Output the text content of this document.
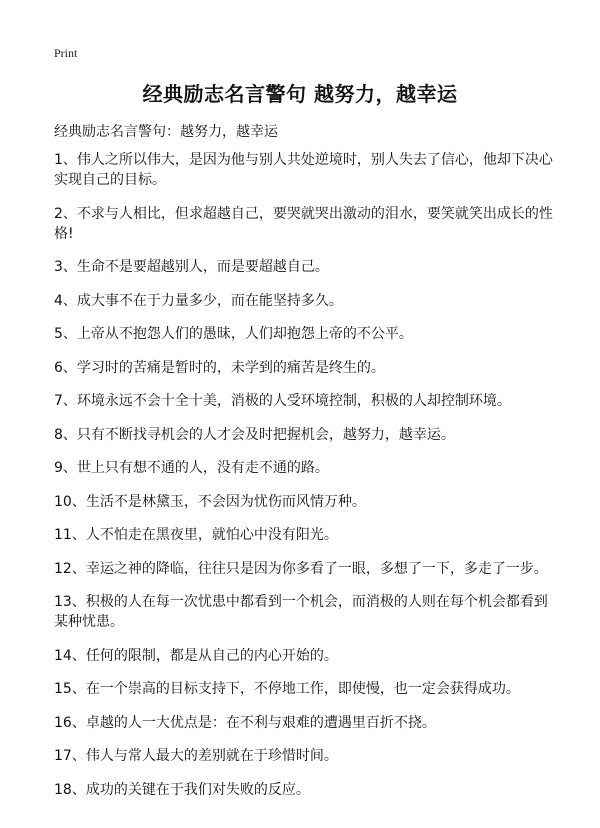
Print
经典励志名言警句 越努力，越幸运

经典励志名言警句：越努力，越幸运

1、伟人之所以伟大，是因为他与别人共处逆境时，别人失去了信心，他却下决心实现自己的目标。
2、不求与人相比，但求超越自己，要哭就哭出激动的泪水，要笑就笑出成长的性格!
3、生命不是要超越别人，而是要超越自己。
4、成大事不在于力量多少，而在能坚持多久。
5、上帝从不抱怨人们的愚昧，人们却抱怨上帝的不公平。
6、学习时的苦痛是暂时的，未学到的痛苦是终生的。
7、环境永远不会十全十美，消极的人受环境控制，积极的人却控制环境。
8、只有不断找寻机会的人才会及时把握机会，越努力，越幸运。
9、世上只有想不通的人，没有走不通的路。
10、生活不是林黛玉，不会因为忧伤而风情万种。
11、人不怕走在黑夜里，就怕心中没有阳光。
12、幸运之神的降临，往往只是因为你多看了一眼，多想了一下，多走了一步。
13、积极的人在每一次忧患中都看到一个机会，而消极的人则在每个机会都看到某种忧患。
14、任何的限制，都是从自己的内心开始的。
15、在一个崇高的目标支持下，不停地工作，即使慢，也一定会获得成功。
16、卓越的人一大优点是：在不利与艰难的遭遇里百折不挠。
17、伟人与常人最大的差别就在于珍惜时间。
18、成功的关键在于我们对失败的反应。
